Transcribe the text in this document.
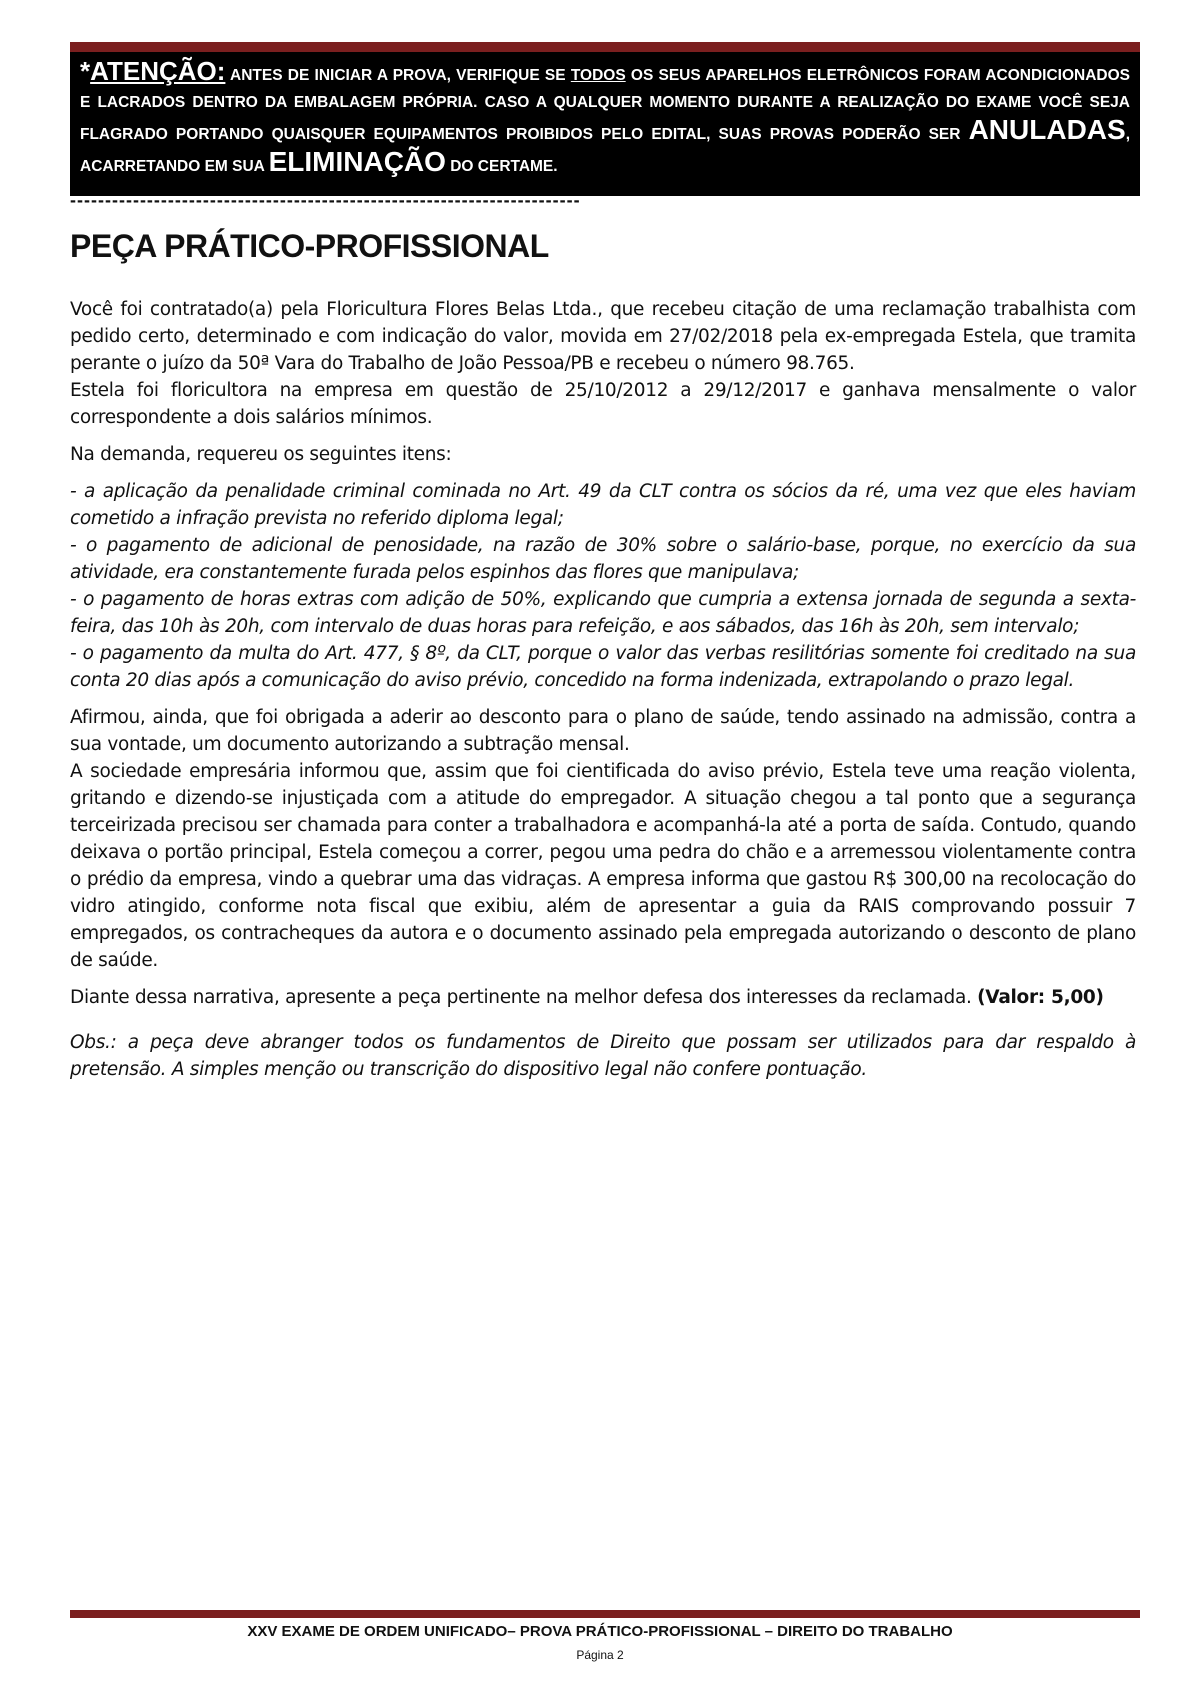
*ATENÇÃO: ANTES DE INICIAR A PROVA, VERIFIQUE SE TODOS OS SEUS APARELHOS ELETRÔNICOS FORAM ACONDICIONADOS E LACRADOS DENTRO DA EMBALAGEM PRÓPRIA. CASO A QUALQUER MOMENTO DURANTE A REALIZAÇÃO DO EXAME VOCÊ SEJA FLAGRADO PORTANDO QUAISQUER EQUIPAMENTOS PROIBIDOS PELO EDITAL, SUAS PROVAS PODERÃO SER ANULADAS, ACARRETANDO EM SUA ELIMINAÇÃO DO CERTAME.
-------------------------------------------------------------------------
PEÇA PRÁTICO-PROFISSIONAL

Você foi contratado(a) pela Floricultura Flores Belas Ltda., que recebeu citação de uma reclamação trabalhista com pedido certo, determinado e com indicação do valor, movida em 27/02/2018 pela ex-empregada Estela, que tramita perante o juízo da 50ª Vara do Trabalho de João Pessoa/PB e recebeu o número 98.765.

Estela foi floricultora na empresa em questão de 25/10/2012 a 29/12/2017 e ganhava mensalmente o valor correspondente a dois salários mínimos.

Na demanda, requereu os seguintes itens:

- a aplicação da penalidade criminal cominada no Art. 49 da CLT contra os sócios da ré, uma vez que eles haviam cometido a infração prevista no referido diploma legal;

- o pagamento de adicional de penosidade, na razão de 30% sobre o salário-base, porque, no exercício da sua atividade, era constantemente furada pelos espinhos das flores que manipulava;

- o pagamento de horas extras com adição de 50%, explicando que cumpria a extensa jornada de segunda a sexta-feira, das 10h às 20h, com intervalo de duas horas para refeição, e aos sábados, das 16h às 20h, sem intervalo;

- o pagamento da multa do Art. 477, § 8º, da CLT, porque o valor das verbas resilitórias somente foi creditado na sua conta 20 dias após a comunicação do aviso prévio, concedido na forma indenizada, extrapolando o prazo legal.

Afirmou, ainda, que foi obrigada a aderir ao desconto para o plano de saúde, tendo assinado na admissão, contra a sua vontade, um documento autorizando a subtração mensal.

A sociedade empresária informou que, assim que foi cientificada do aviso prévio, Estela teve uma reação violenta, gritando e dizendo-se injustiçada com a atitude do empregador. A situação chegou a tal ponto que a segurança terceirizada precisou ser chamada para conter a trabalhadora e acompanhá-la até a porta de saída. Contudo, quando deixava o portão principal, Estela começou a correr, pegou uma pedra do chão e a arremessou violentamente contra o prédio da empresa, vindo a quebrar uma das vidraças. A empresa informa que gastou R$ 300,00 na recolocação do vidro atingido, conforme nota fiscal que exibiu, além de apresentar a guia da RAIS comprovando possuir 7 empregados, os contracheques da autora e o documento assinado pela empregada autorizando o desconto de plano de saúde.

Diante dessa narrativa, apresente a peça pertinente na melhor defesa dos interesses da reclamada. (Valor: 5,00)

Obs.: a peça deve abranger todos os fundamentos de Direito que possam ser utilizados para dar respaldo à pretensão. A simples menção ou transcrição do dispositivo legal não confere pontuação.

XXV EXAME DE ORDEM UNIFICADO– PROVA PRÁTICO-PROFISSIONAL – DIREITO DO TRABALHO
Página 2
